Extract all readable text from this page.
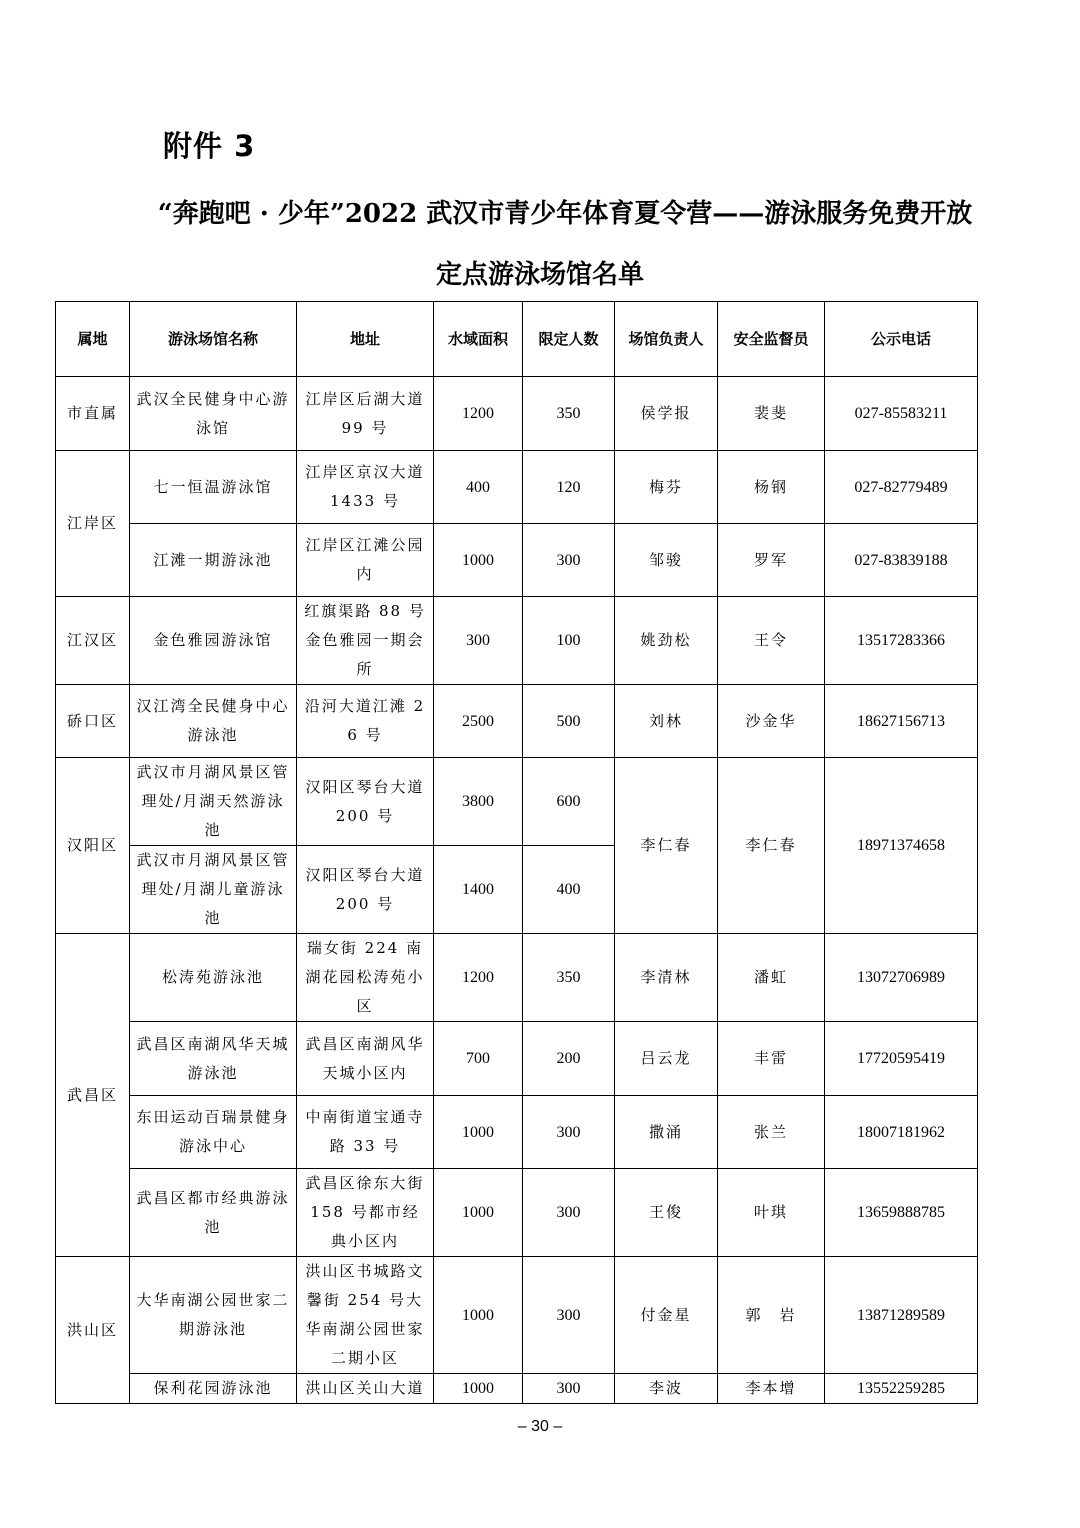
附件 3
“奔跑吧 · 少年”2022 武汉市青少年体育夏令营——游泳服务免费开放
定点游泳场馆名单
属地	游泳场馆名称	地址	水域面积	限定人数	场馆负责人	安全监督员	公示电话
市直属	武汉全民健身中心游泳馆	江岸区后湖大道 99 号	1200	350	侯学报	裴斐	027-85583211
江岸区	七一恒温游泳馆	江岸区京汉大道 1433 号	400	120	梅芬	杨钢	027-82779489
	江滩一期游泳池	江岸区江滩公园内	1000	300	邹骏	罗军	027-83839188
江汉区	金色雅园游泳馆	红旗渠路 88 号金色雅园一期会所	300	100	姚劲松	王令	13517283366
硚口区	汉江湾全民健身中心游泳池	沿河大道江滩 26 号	2500	500	刘林	沙金华	18627156713
汉阳区	武汉市月湖风景区管理处/月湖天然游泳池	汉阳区琴台大道 200 号	3800	600	李仁春	李仁春	18971374658
	武汉市月湖风景区管理处/月湖儿童游泳池	汉阳区琴台大道 200 号	1400	400			
武昌区	松涛苑游泳池	瑞女街 224 南湖花园松涛苑小区	1200	350	李清林	潘虹	13072706989
	武昌区南湖风华天城游泳池	武昌区南湖风华天城小区内	700	200	吕云龙	丰雷	17720595419
	东田运动百瑞景健身游泳中心	中南街道宝通寺路 33 号	1000	300	撒涌	张兰	18007181962
	武昌区都市经典游泳池	武昌区徐东大街 158 号都市经典小区内	1000	300	王俊	叶琪	13659888785
洪山区	大华南湖公园世家二期游泳池	洪山区书城路文馨街 254 号大华南湖公园世家二期小区	1000	300	付金星	郭　岩	13871289589
	保利花园游泳池	洪山区关山大道	1000	300	李波	李本增	13552259285
– 30 –
